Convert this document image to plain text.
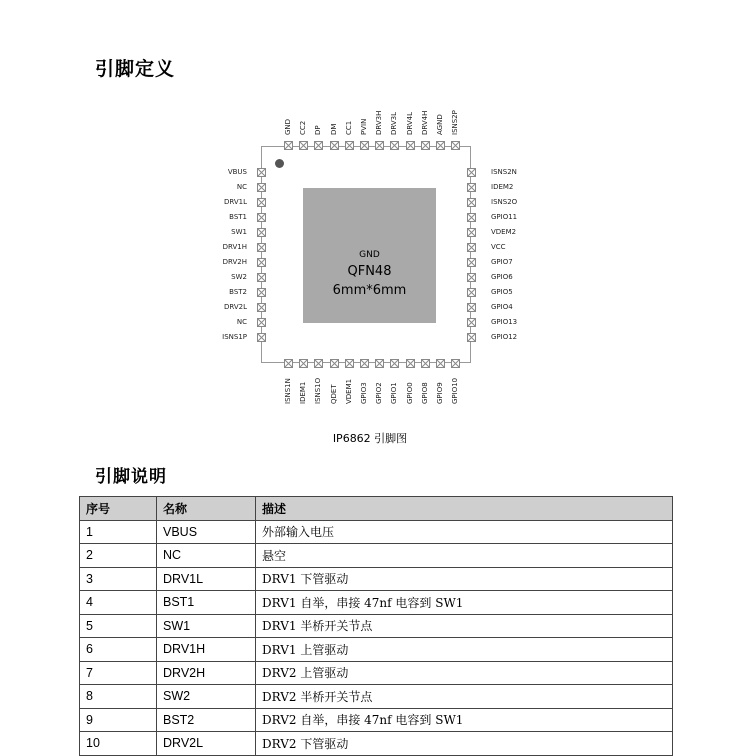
引脚定义
GND
QFN48
6mm*6mm
GND CC2 DP DM CC1 PVIN DRV3H DRV3L DRV4L DRV4H AGND ISNS2P
ISNS1N IDEM1 ISNS1O QDET VDEM1 GPIO3 GPIO2 GPIO1 GPIO0 GPIO8 GPIO9 GPIO10
VBUS
NC
DRV1L
BST1
SW1
DRV1H
DRV2H
SW2
BST2
DRV2L
NC
ISNS1P
ISNS2N
IDEM2
ISNS2O
GPIO11
VDEM2
VCC
GPIO7
GPIO6
GPIO5
GPIO4
GPIO13
GPIO12
IP6862 引脚图
引脚说明
序号	名称	描述
1	VBUS	外部输入电压
2	NC	悬空
3	DRV1L	DRV1 下管驱动
4	BST1	DRV1 自举，串接 47nf 电容到 SW1
5	SW1	DRV1 半桥开关节点
6	DRV1H	DRV1 上管驱动
7	DRV2H	DRV2 上管驱动
8	SW2	DRV2 半桥开关节点
9	BST2	DRV2 自举，串接 47nf 电容到 SW1
10	DRV2L	DRV2 下管驱动
